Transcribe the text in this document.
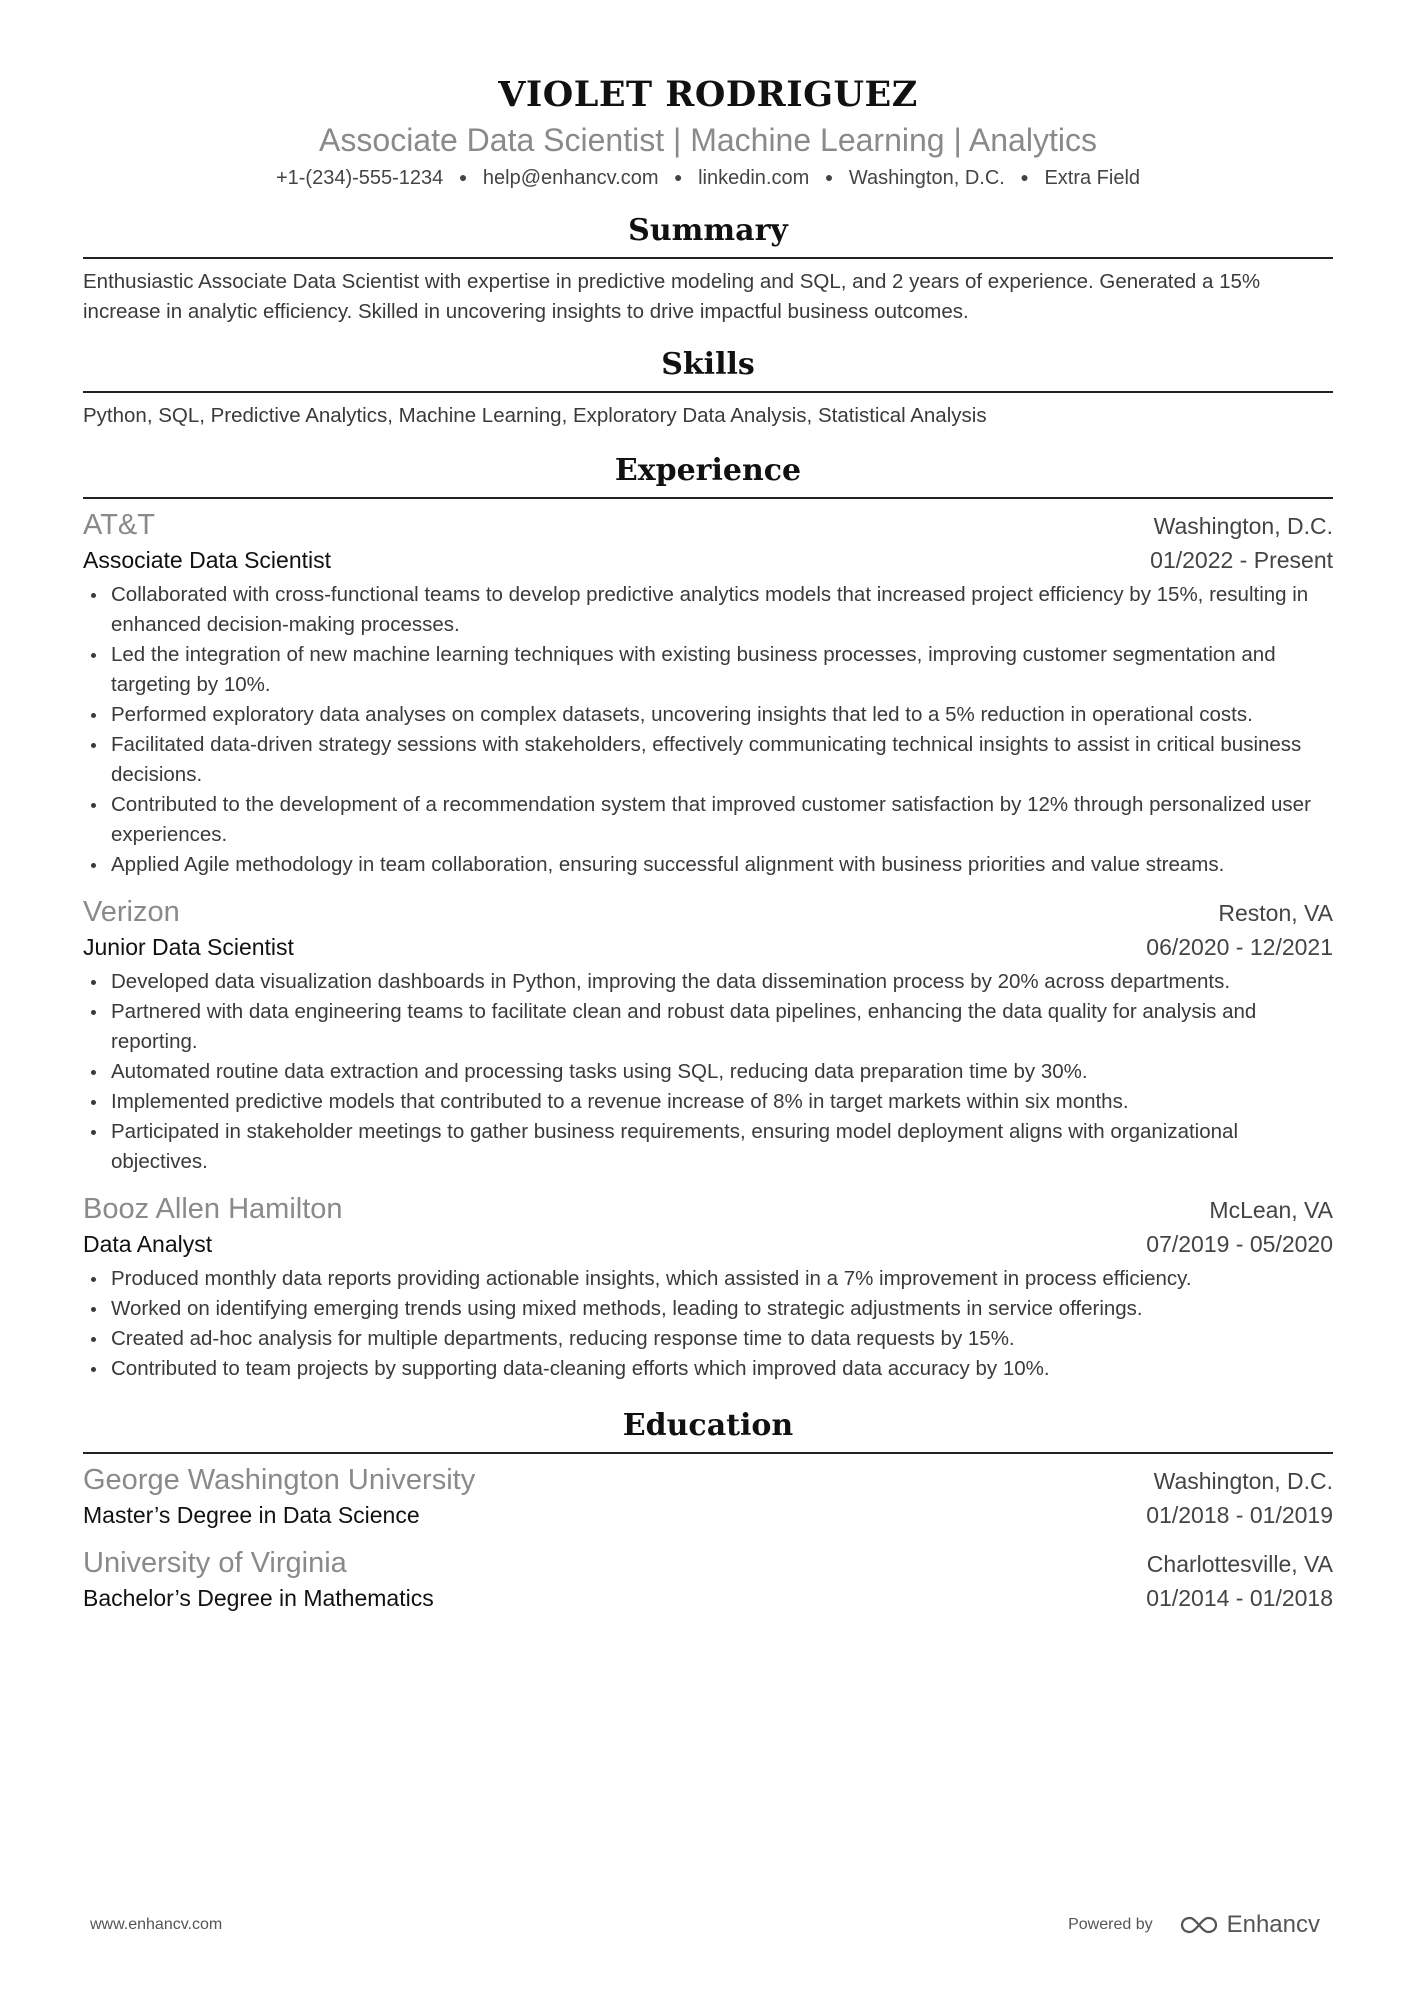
VIOLET RODRIGUEZ
Associate Data Scientist | Machine Learning | Analytics
+1-(234)-555-1234 ● help@enhancv.com ● linkedin.com ● Washington, D.C. ● Extra Field
Summary
Enthusiastic Associate Data Scientist with expertise in predictive modeling and SQL, and 2 years of experience. Generated a 15% increase in analytic efficiency. Skilled in uncovering insights to drive impactful business outcomes.
Skills
Python, SQL, Predictive Analytics, Machine Learning, Exploratory Data Analysis, Statistical Analysis
Experience
AT&T	Washington, D.C.
Associate Data Scientist	01/2022 - Present
Collaborated with cross-functional teams to develop predictive analytics models that increased project efficiency by 15%, resulting in enhanced decision-making processes.
Led the integration of new machine learning techniques with existing business processes, improving customer segmentation and targeting by 10%.
Performed exploratory data analyses on complex datasets, uncovering insights that led to a 5% reduction in operational costs.
Facilitated data-driven strategy sessions with stakeholders, effectively communicating technical insights to assist in critical business decisions.
Contributed to the development of a recommendation system that improved customer satisfaction by 12% through personalized user experiences.
Applied Agile methodology in team collaboration, ensuring successful alignment with business priorities and value streams.
Verizon	Reston, VA
Junior Data Scientist	06/2020 - 12/2021
Developed data visualization dashboards in Python, improving the data dissemination process by 20% across departments.
Partnered with data engineering teams to facilitate clean and robust data pipelines, enhancing the data quality for analysis and reporting.
Automated routine data extraction and processing tasks using SQL, reducing data preparation time by 30%.
Implemented predictive models that contributed to a revenue increase of 8% in target markets within six months.
Participated in stakeholder meetings to gather business requirements, ensuring model deployment aligns with organizational objectives.
Booz Allen Hamilton	McLean, VA
Data Analyst	07/2019 - 05/2020
Produced monthly data reports providing actionable insights, which assisted in a 7% improvement in process efficiency.
Worked on identifying emerging trends using mixed methods, leading to strategic adjustments in service offerings.
Created ad-hoc analysis for multiple departments, reducing response time to data requests by 15%.
Contributed to team projects by supporting data-cleaning efforts which improved data accuracy by 10%.
Education
George Washington University	Washington, D.C.
Master’s Degree in Data Science	01/2018 - 01/2019
University of Virginia	Charlottesville, VA
Bachelor’s Degree in Mathematics	01/2014 - 01/2018
www.enhancv.com	Powered by	Enhancv
